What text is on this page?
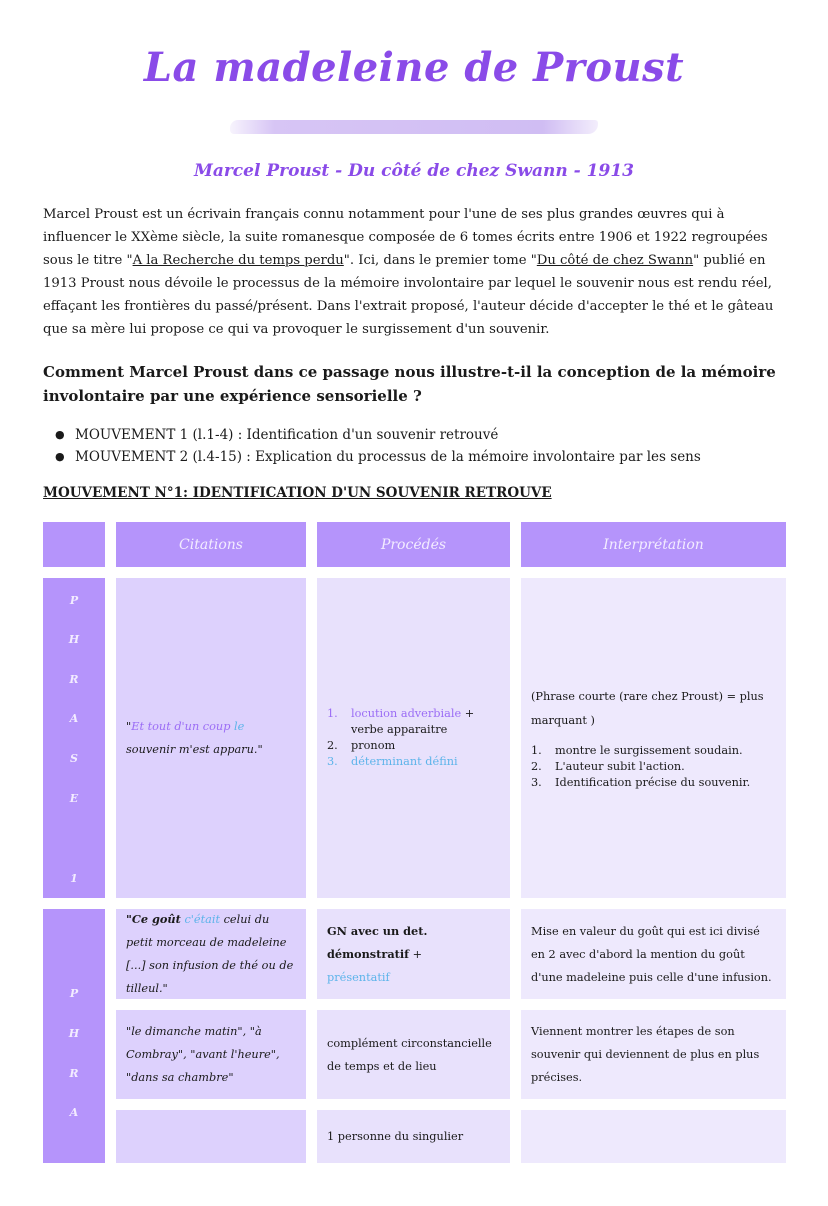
La madeleine de Proust
Marcel Proust - Du côté de chez Swann - 1913
Marcel Proust est un écrivain français connu notamment pour l'une de ses plus grandes œuvres qui à influencer le XXème siècle, la suite romanesque composée de 6 tomes écrits entre 1906 et 1922 regroupées sous le titre "A la Recherche du temps perdu". Ici, dans le premier tome "Du côté de chez Swann" publié en 1913 Proust nous dévoile le processus de la mémoire involontaire par lequel le souvenir nous est rendu réel, effaçant les frontières du passé/présent. Dans l'extrait proposé, l'auteur décide d'accepter le thé et le gâteau que sa mère lui propose ce qui va provoquer le surgissement d'un souvenir.
Comment Marcel Proust dans ce passage nous illustre-t-il la conception de la mémoire involontaire par une expérience sensorielle ?
● MOUVEMENT 1 (l.1-4) : Identification d'un souvenir retrouvé
● MOUVEMENT 2 (l.4-15) : Explication du processus de la mémoire involontaire par les sens
MOUVEMENT N°1: IDENTIFICATION D'UN SOUVENIR RETROUVE
Citations	Procédés	Interprétation
P
H
R
A
S
E
1
"Et tout d'un coup le souvenir m'est apparu."
1. locution adverbiale +
verbe apparaitre
2. pronom
3. déterminant défini
(Phrase courte (rare chez Proust) = plus marquant )
1. montre le surgissement soudain.
2. L'auteur subit l'action.
3. Identification précise du souvenir.
P
H
R
A
"Ce goût c'était celui du petit morceau de madeleine [...] son infusion de thé ou de tilleul."
GN avec un det. démonstratif +
présentatif
Mise en valeur du goût qui est ici divisé en 2 avec d'abord la mention du goût d'une madeleine puis celle d'une infusion.
"le dimanche matin", "à Combray", "avant l'heure", "dans sa chambre"
complément circonstancielle de temps et de lieu
Viennent montrer les étapes de son souvenir qui deviennent de plus en plus précises.
1 personne du singulier
